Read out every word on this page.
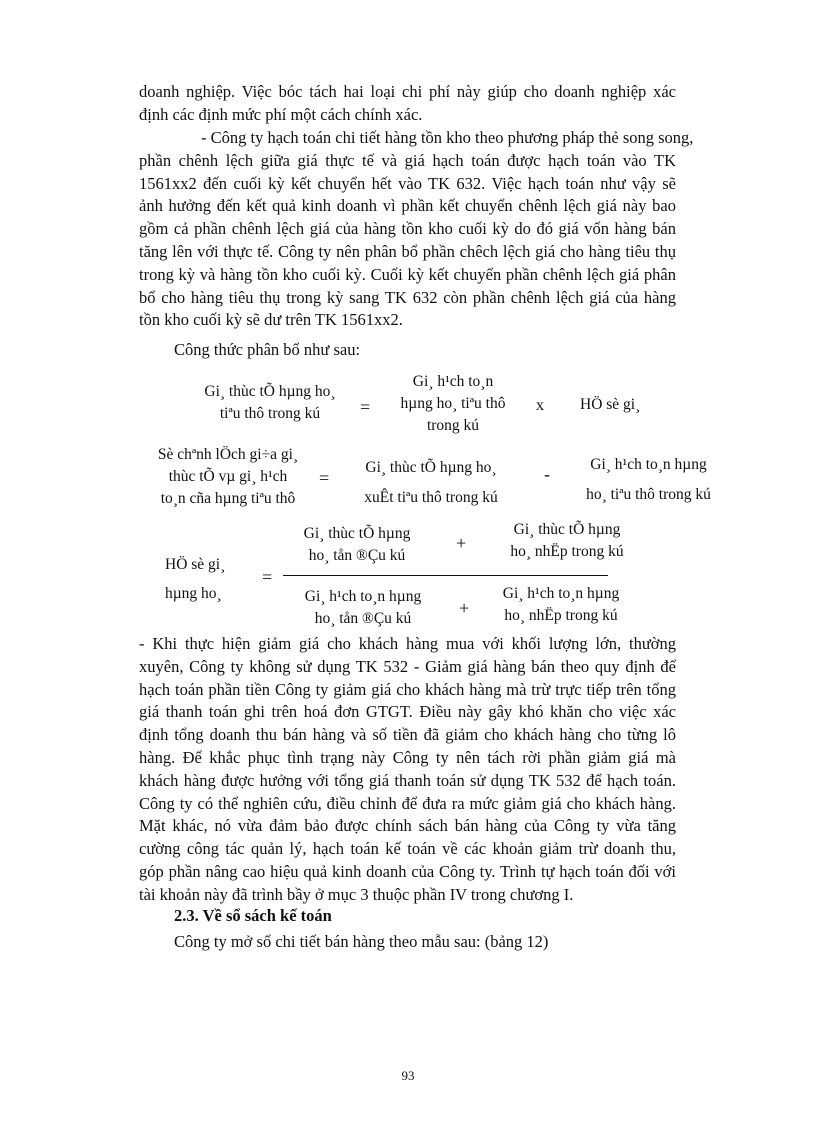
doanh nghiệp. Việc bóc tách hai loại chi phí này giúp cho doanh nghiệp xác
định các định mức phí một cách chính xác.

- Công ty hạch toán chi tiết hàng tồn kho theo phương pháp thẻ song song,
phần chênh lệch giữa giá thực tế và giá hạch toán được hạch toán vào TK
1561xx2 đến cuối kỳ kết chuyển hết vào TK 632. Việc hạch toán như vậy sẽ
ảnh hưởng đến kết quả kinh doanh vì phần kết chuyển chênh lệch giá này bao
gồm cả phần chênh lệch giá của hàng tồn kho cuối kỳ do đó giá vốn hàng bán
tăng lên với thực tế. Công ty nên phân bổ phần chêch lệch giá cho hàng tiêu thụ
trong kỳ và hàng tồn kho cuối kỳ. Cuối kỳ kết chuyển phần chênh lệch giá phân
bổ cho hàng tiêu thụ trong kỳ sang TK 632 còn phần chênh lệch giá của hàng
tồn kho cuối kỳ sẽ dư trên TK 1561xx2.

Công thức phân bổ như sau:

Gi¸ thùc tÕ hµng ho¸
tiªu thô trong kú	=
Gi¸ h¹ch to¸n
hµng ho¸ tiªu thô
trong kú
x HÖ sè gi¸
Sè chªnh lÖch gi÷a gi¸
thùc tÕ vµ gi¸ h¹ch
to¸n cña hµng tiªu thô
=
Gi¸ thùc tÕ hµng ho¸
xuÊt tiªu thô trong kú
-	Gi¸ h¹ch to¸n hµng
ho¸ tiªu thô trong kú
HÖ sè gi¸
hµng ho¸
=
Gi¸ thùc tÕ hµng
ho¸ tån ®Çu kú
+
Gi¸ thùc tÕ hµng
ho¸ nhËp trong kú
Gi¸ h¹ch to¸n hµng
ho¸ tån ®Çu kú
+
Gi¸ h¹ch to¸n hµng
ho¸ nhËp trong kú

- Khi thực hiện giảm giá cho khách hàng mua với khối lượng lớn, thường
xuyên, Công ty không sử dụng TK 532 - Giảm giá hàng bán theo quy định để
hạch toán phần tiền Công ty giảm giá cho khách hàng mà trừ trực tiếp trên tổng
giá thanh toán ghi trên hoá đơn GTGT. Điều này gây khó khăn cho việc xác
định tổng doanh thu bán hàng và số tiền đã giảm cho khách hàng cho từng lô
hàng. Để khắc phục tình trạng này Công ty nên tách rời phần giảm giá mà
khách hàng được hưởng với tổng giá thanh toán sử dụng TK 532 để hạch toán.
Công ty có thể nghiên cứu, điều chỉnh để đưa ra mức giảm giá cho khách hàng.
Mặt khác, nó vừa đảm bảo được chính sách bán hàng của Công ty vừa tăng
cường công tác quản lý, hạch toán kế toán về các khoản giảm trừ doanh thu,
góp phần nâng cao hiệu quả kinh doanh của Công ty. Trình tự hạch toán đối với
tài khoản này đã trình bầy ở mục 3 thuộc phần IV trong chương I.

2.3. Về sổ sách kế toán

Công ty mở sổ chi tiết bán hàng theo mẫu sau: (bảng 12)

93
